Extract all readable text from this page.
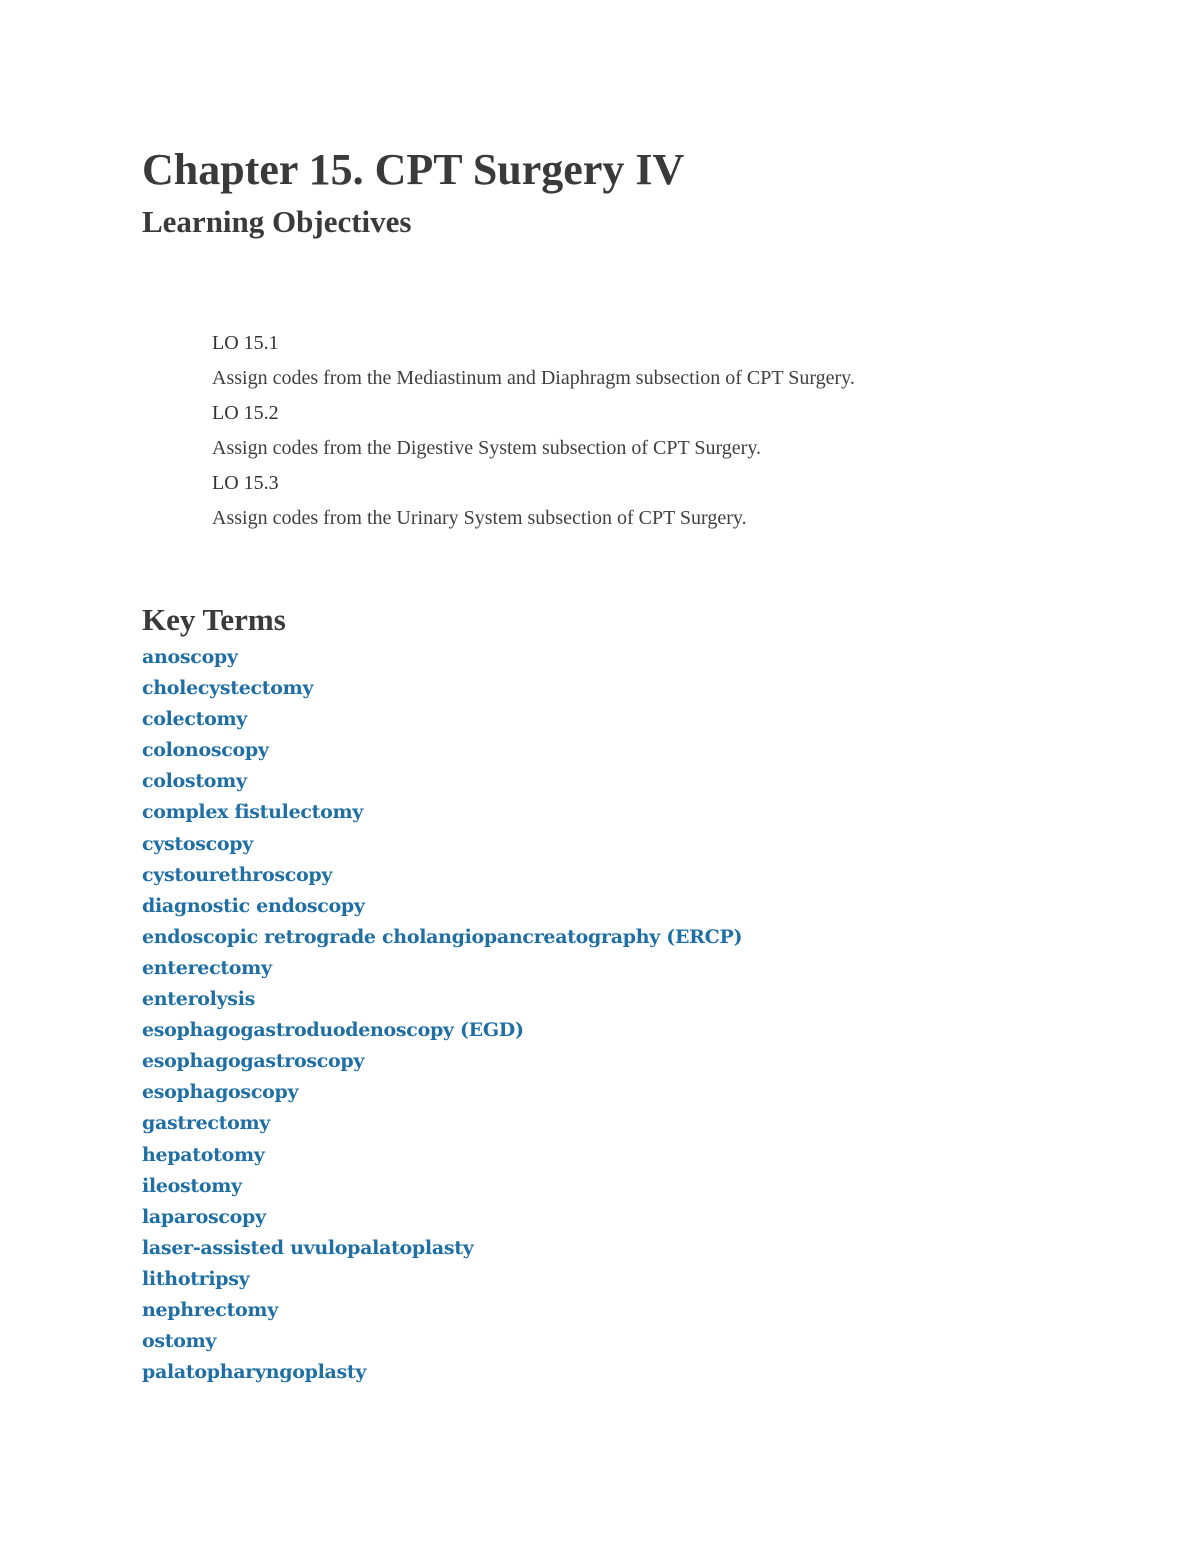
Chapter 15. CPT Surgery IV
Learning Objectives

LO 15.1

Assign codes from the Mediastinum and Diaphragm subsection of CPT Surgery.

LO 15.2

Assign codes from the Digestive System subsection of CPT Surgery.

LO 15.3

Assign codes from the Urinary System subsection of CPT Surgery.

Key Terms
anoscopy
cholecystectomy
colectomy
colonoscopy
colostomy
complex fistulectomy
cystoscopy
cystourethroscopy
diagnostic endoscopy
endoscopic retrograde cholangiopancreatography (ERCP)
enterectomy
enterolysis
esophagogastroduodenoscopy (EGD)
esophagogastroscopy
esophagoscopy
gastrectomy
hepatotomy
ileostomy
laparoscopy
laser-assisted uvulopalatoplasty
lithotripsy
nephrectomy
ostomy
palatopharyngoplasty
